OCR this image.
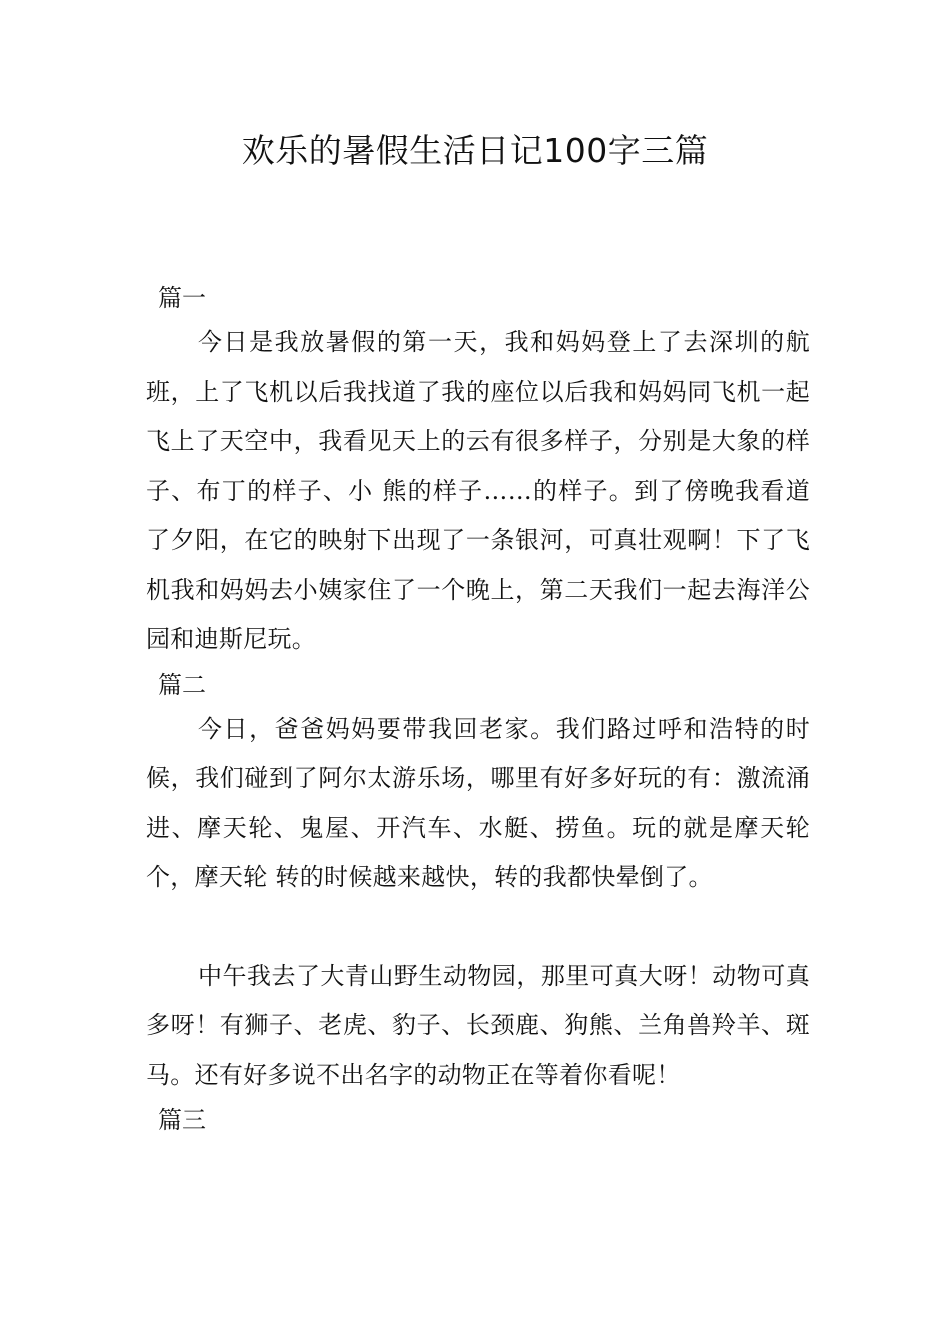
欢乐的暑假生活日记100字三篇
篇一

今日是我放暑假的第一天，我和妈妈登上了去深圳的航班，上了飞机以后我找道了我的座位以后我和妈妈同飞机一起飞上了天空中，我看见天上的云有很多样子，分别是大象的样子、布丁的样子、小 熊的样子……的样子。到了傍晚我看道了夕阳，在它的映射下出现了一条银河，可真壮观啊！下了飞机我和妈妈去小姨家住了一个晚上，第二天我们一起去海洋公园和迪斯尼玩。

篇二

今日，爸爸妈妈要带我回老家。我们路过呼和浩特的时候，我们碰到了阿尔太游乐场，哪里有好多好玩的有：激流涌进、摩天轮、鬼屋、开汽车、水艇、捞鱼。玩的就是摩天轮个，摩天轮 转的时候越来越快，转的我都快晕倒了。

中午我去了大青山野生动物园，那里可真大呀！动物可真多呀！有狮子、老虎、豹子、长颈鹿、狗熊、兰角兽羚羊、斑马。还有好多说不出名字的动物正在等着你看呢！

篇三
